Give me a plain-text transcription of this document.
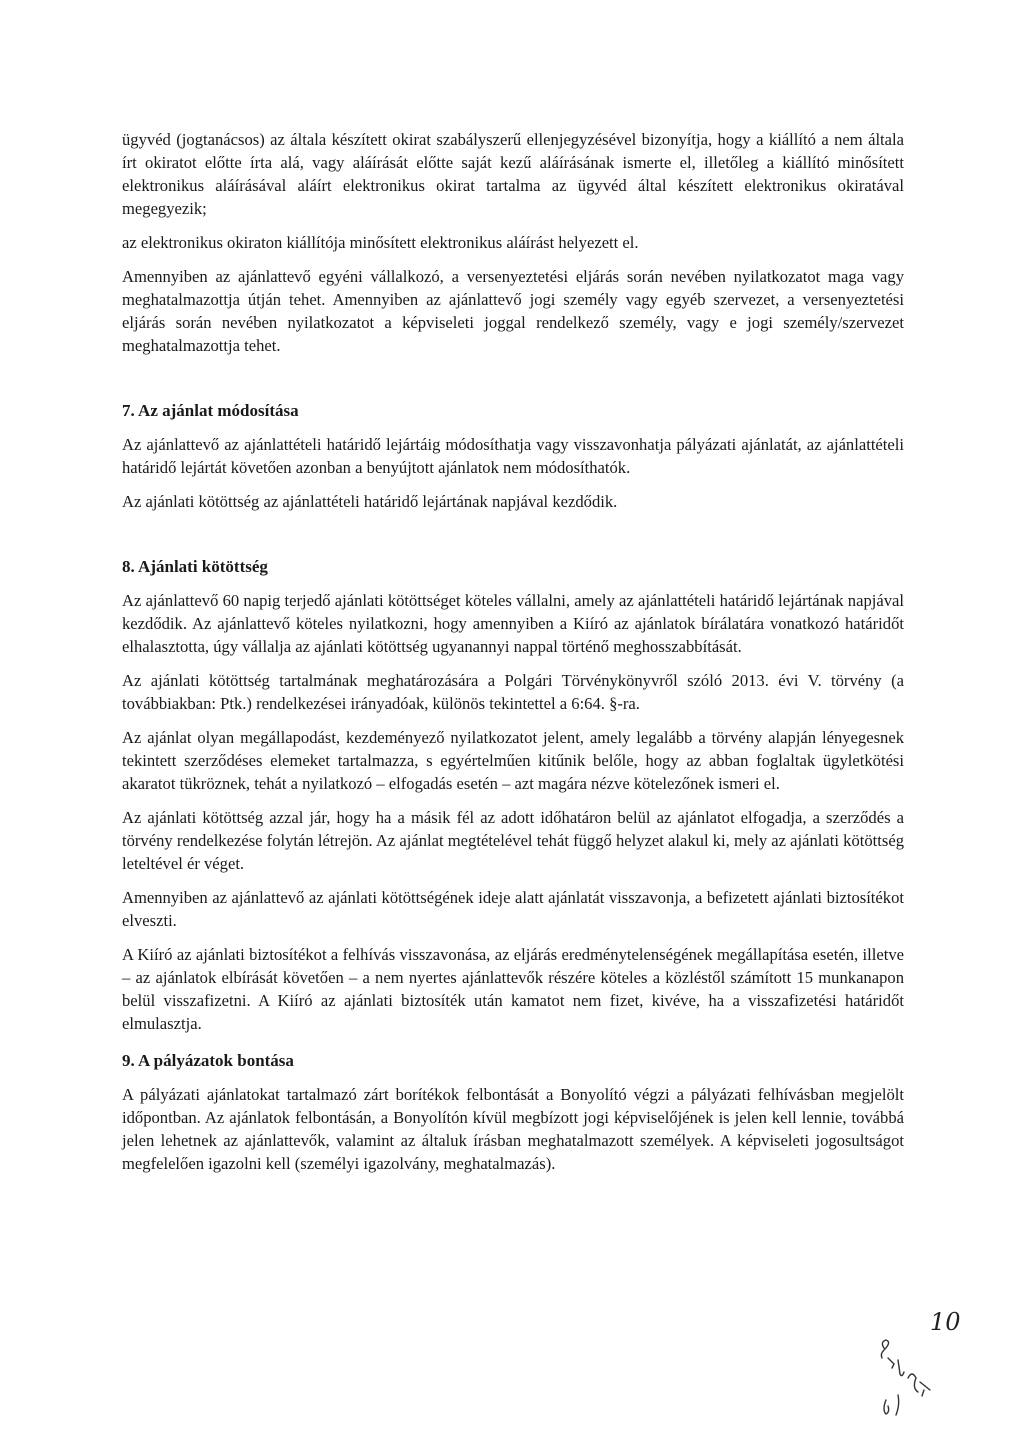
ügyvéd (jogtanácsos) az általa készített okirat szabályszerű ellenjegyzésével bizonyítja, hogy a kiállító a nem általa írt okiratot előtte írta alá, vagy aláírását előtte saját kezű aláírásának ismerte el, illetőleg a kiállító minősített elektronikus aláírásával aláírt elektronikus okirat tartalma az ügyvéd által készített elektronikus okiratával megegyezik;

az elektronikus okiraton kiállítója minősített elektronikus aláírást helyezett el.

Amennyiben az ajánlattevő egyéni vállalkozó, a versenyeztetési eljárás során nevében nyilatkozatot maga vagy meghatalmazottja útján tehet. Amennyiben az ajánlattevő jogi személy vagy egyéb szervezet, a versenyeztetési eljárás során nevében nyilatkozatot a képviseleti joggal rendelkező személy, vagy e jogi személy/szervezet meghatalmazottja tehet.

7. Az ajánlat módosítása

Az ajánlattevő az ajánlattételi határidő lejártáig módosíthatja vagy visszavonhatja pályázati ajánlatát, az ajánlattételi határidő lejártát követően azonban a benyújtott ajánlatok nem módosíthatók.

Az ajánlati kötöttség az ajánlattételi határidő lejártának napjával kezdődik.

8. Ajánlati kötöttség

Az ajánlattevő 60 napig terjedő ajánlati kötöttséget köteles vállalni, amely az ajánlattételi határidő lejártának napjával kezdődik. Az ajánlattevő köteles nyilatkozni, hogy amennyiben a Kiíró az ajánlatok bírálatára vonatkozó határidőt elhalasztotta, úgy vállalja az ajánlati kötöttség ugyanannyi nappal történő meghosszabbítását.

Az ajánlati kötöttség tartalmának meghatározására a Polgári Törvénykönyvről szóló 2013. évi V. törvény (a továbbiakban: Ptk.) rendelkezései irányadóak, különös tekintettel a 6:64. §-ra.

Az ajánlat olyan megállapodást, kezdeményező nyilatkozatot jelent, amely legalább a törvény alapján lényegesnek tekintett szerződéses elemeket tartalmazza, s egyértelműen kitűnik belőle, hogy az abban foglaltak ügyletkötési akaratot tükröznek, tehát a nyilatkozó – elfogadás esetén – azt magára nézve kötelezőnek ismeri el.

Az ajánlati kötöttség azzal jár, hogy ha a másik fél az adott időhatáron belül az ajánlatot elfogadja, a szerződés a törvény rendelkezése folytán létrejön. Az ajánlat megtételével tehát függő helyzet alakul ki, mely az ajánlati kötöttség leteltével ér véget.

Amennyiben az ajánlattevő az ajánlati kötöttségének ideje alatt ajánlatát visszavonja, a befizetett ajánlati biztosítékot elveszti.

A Kiíró az ajánlati biztosítékot a felhívás visszavonása, az eljárás eredménytelenségének megállapítása esetén, illetve – az ajánlatok elbírását követően – a nem nyertes ajánlattevők részére köteles a közléstől számított 15 munkanapon belül visszafizetni. A Kiíró az ajánlati biztosíték után kamatot nem fizet, kivéve, ha a visszafizetési határidőt elmulasztja.

9. A pályázatok bontása

A pályázati ajánlatokat tartalmazó zárt borítékok felbontását a Bonyolító végzi a pályázati felhívásban megjelölt időpontban. Az ajánlatok felbontásán, a Bonyolítón kívül megbízott jogi képviselőjének is jelen kell lennie, továbbá jelen lehetnek az ajánlattevők, valamint az általuk írásban meghatalmazott személyek. A képviseleti jogosultságot megfelelően igazolni kell (személyi igazolvány, meghatalmazás).

10
